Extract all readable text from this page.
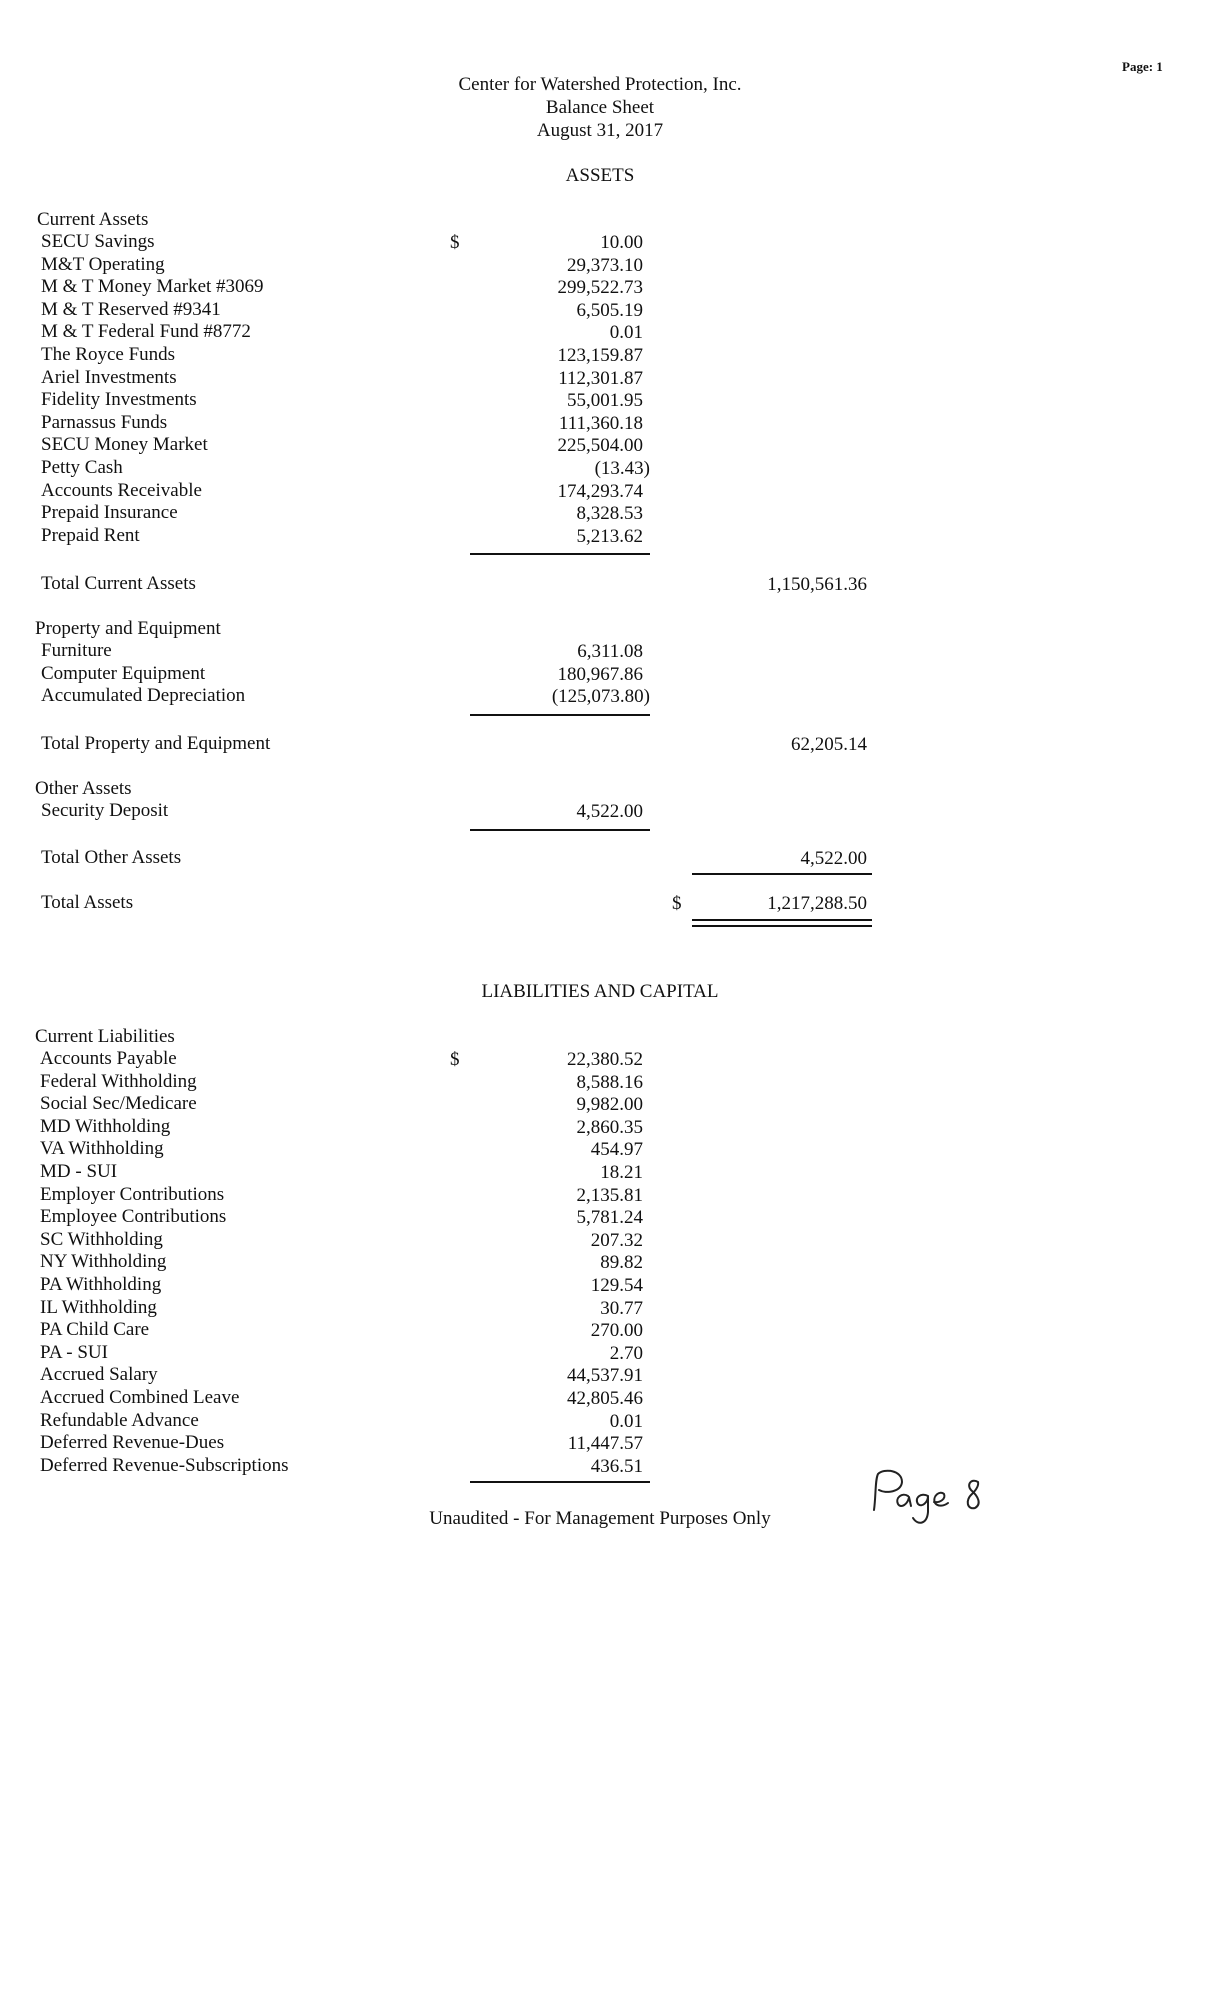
Page: 1
Center for Watershed Protection, Inc.
Balance Sheet
August 31, 2017
ASSETS
Current Assets
$
SECU Savings	10.00
M&T Operating	29,373.10
M & T Money Market #3069	299,522.73
M & T Reserved #9341	6,505.19
M & T Federal Fund #8772	0.01
The Royce Funds	123,159.87
Ariel Investments	112,301.87
Fidelity Investments	55,001.95
Parnassus Funds	111,360.18
SECU Money Market	225,504.00
Petty Cash	(13.43)
Accounts Receivable	174,293.74
Prepaid Insurance	8,328.53
Prepaid Rent	5,213.62
Total Current Assets	1,150,561.36
Property and Equipment
Furniture	6,311.08
Computer Equipment	180,967.86
Accumulated Depreciation	(125,073.80)
Total Property and Equipment	62,205.14
Other Assets
Security Deposit	4,522.00
Total Other Assets	4,522.00
Total Assets	$	1,217,288.50
LIABILITIES AND CAPITAL
Current Liabilities
$
Accounts Payable	22,380.52
Federal Withholding	8,588.16
Social Sec/Medicare	9,982.00
MD Withholding	2,860.35
VA Withholding	454.97
MD - SUI	18.21
Employer Contributions	2,135.81
Employee Contributions	5,781.24
SC Withholding	207.32
NY Withholding	89.82
PA Withholding	129.54
IL Withholding	30.77
PA Child Care	270.00
PA - SUI	2.70
Accrued Salary	44,537.91
Accrued Combined Leave	42,805.46
Refundable Advance	0.01
Deferred Revenue-Dues	11,447.57
Deferred Revenue-Subscriptions	436.51
Unaudited - For Management Purposes Only
